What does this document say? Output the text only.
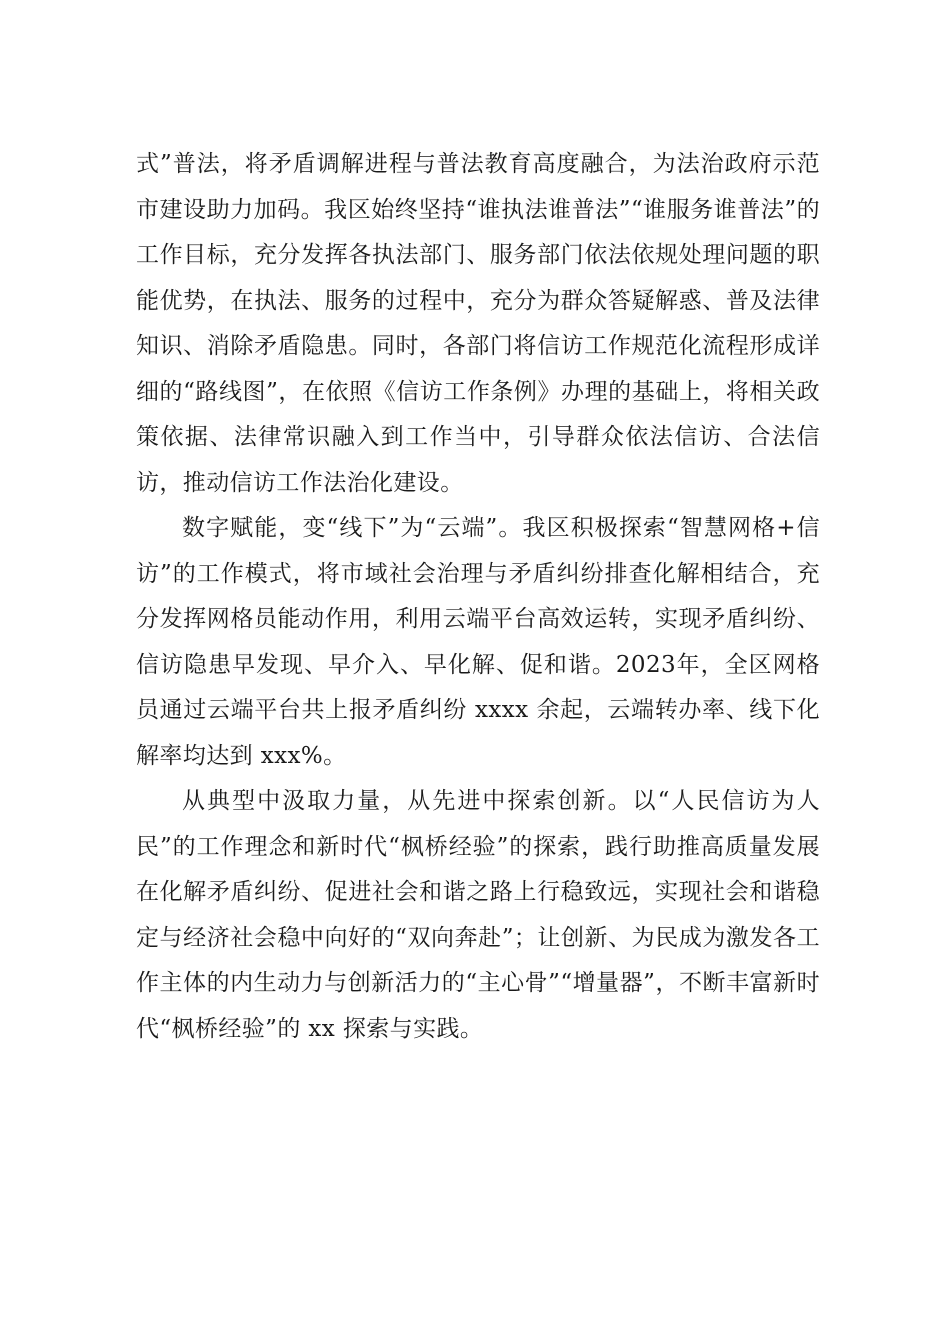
式”普法，将矛盾调解进程与普法教育高度融合，为法治政府示范市建设助力加码。我区始终坚持“谁执法谁普法”“谁服务谁普法”的工作目标，充分发挥各执法部门、服务部门依法依规处理问题的职能优势，在执法、服务的过程中，充分为群众答疑解惑、普及法律知识、消除矛盾隐患。同时，各部门将信访工作规范化流程形成详细的“路线图”，在依照《信访工作条例》办理的基础上，将相关政策依据、法律常识融入到工作当中，引导群众依法信访、合法信访，推动信访工作法治化建设。

数字赋能，变“线下”为“云端”。我区积极探索“智慧网格+信访”的工作模式，将市域社会治理与矛盾纠纷排查化解相结合，充分发挥网格员能动作用，利用云端平台高效运转，实现矛盾纠纷、信访隐患早发现、早介入、早化解、促和谐。2023年，全区网格员通过云端平台共上报矛盾纠纷 xxxx 余起，云端转办率、线下化解率均达到 xxx%。

从典型中汲取力量，从先进中探索创新。以“人民信访为人民”的工作理念和新时代“枫桥经验”的探索，践行助推高质量发展在化解矛盾纠纷、促进社会和谐之路上行稳致远，实现社会和谐稳定与经济社会稳中向好的“双向奔赴”；让创新、为民成为激发各工作主体的内生动力与创新活力的“主心骨”“增量器”，不断丰富新时代“枫桥经验”的 xx 探索与实践。
